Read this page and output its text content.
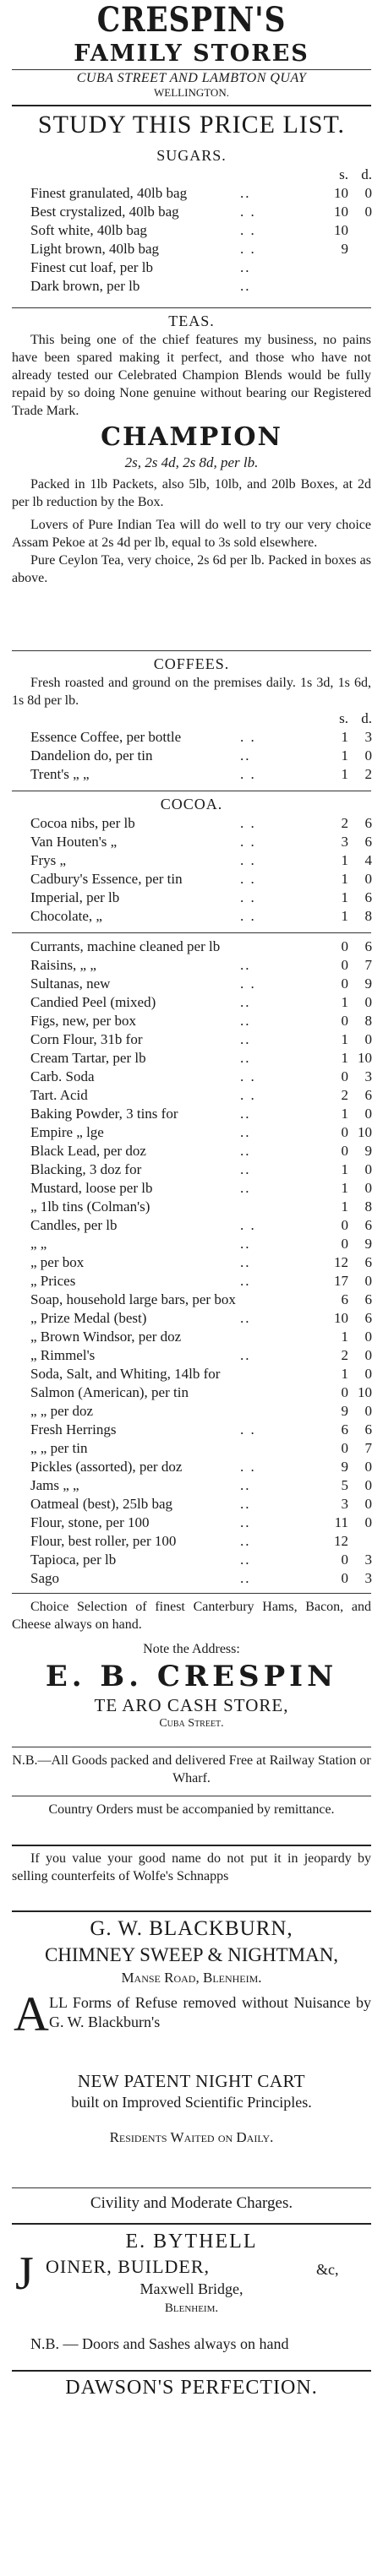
CRESPIN'S
FAMILY STORES
CUBA STREET AND LAMBTON QUAY
WELLINGTON.
STUDY THIS PRICE LIST.
SUGARS.
s. d.
Finest granulated, 40lb bag	..	10	0
Best crystalized, 40lb bag	. .	10	0
Soft white, 40lb bag	. .	10
Light brown, 40lb bag	. .	9
Finest cut loaf, per lb	..
Dark brown, per lb	..
TEAS.
This being one of the chief features my business, no pains have been spared making it perfect, and those who have not already tested our Celebrated Champion Blends would be fully repaid by so doing None genuine without bearing our Registered Trade Mark.
CHAMPION
2s, 2s 4d, 2s 8d, per lb.
Packed in 1lb Packets, also 5lb, 10lb, and 20lb Boxes, at 2d per lb reduction by the Box.
Lovers of Pure Indian Tea will do well to try our very choice Assam Pekoe at 2s 4d per lb, equal to 3s sold elsewhere.
Pure Ceylon Tea, very choice, 2s 6d per lb. Packed in boxes as above.
COFFEES.
Fresh roasted and ground on the premises daily. 1s 3d, 1s 6d, 1s 8d per lb.
s. d.
Essence Coffee, per bottle	. .	1	3
Dandelion do, per tin	..	1	0
Trent's „ „	. .	1	2
COCOA.
Cocoa nibs, per lb	. .	2	6
Van Houten's „	. .	3	6
Frys „	. .	1	4
Cadbury's Essence, per tin	. .	1	0
Imperial, per lb	. .	1	6
Chocolate, „	. .	1	8
Currants, machine cleaned per lb	0	6
Raisins, „ „	..	0	7
Sultanas, new	. .	0	9
Candied Peel (mixed)	..	1	0
Figs, new, per box	..	0	8
Corn Flour, 31b for	..	1	0
Cream Tartar, per lb	..	1 10
Carb. Soda	. .	0	3
Tart. Acid	. .	2	6
Baking Powder, 3 tins for	..	1	0
Empire „ lge	..	0 10
Black Lead, per doz	..	0	9
Blacking, 3 doz for	..	1	0
Mustard, loose per lb	..	1	0
„ 1lb tins (Colman's)	1	8
Candles, per lb	. .	0	6
„ „	..	0	9
„ per box	..	12	6
„ Prices	..	17	0
Soap, household large bars, per box	6	6
„ Prize Medal (best)	..	10	6
„ Brown Windsor, per doz	1	0
„ Rimmel's	..	2	0
Soda, Salt, and Whiting, 14lb for	1	0
Salmon (American), per tin	0 10
„ „ per doz	9	0
Fresh Herrings	. .	6	6
„ „ per tin	0	7
Pickles (assorted), per doz	. .	9	0
Jams „ „	..	5	0
Oatmeal (best), 25lb bag	..	3	0
Flour, stone, per 100	..	11	0
Flour, best roller, per 100	..	12
Tapioca, per lb	..	0	3
Sago	..	0	3
Choice Selection of finest Canterbury Hams, Bacon, and Cheese always on hand.
Note the Address:
E. B. CRESPIN
TE ARO CASH STORE,
Cuba Street.
N.B.—All Goods packed and delivered Free at Railway Station or Wharf.
Country Orders must be accompanied by remittance.
If you value your good name do not put it in jeopardy by selling counterfeits of Wolfe's Schnapps
G. W. BLACKBURN,
CHIMNEY SWEEP & NIGHTMAN,
Manse Road, Blenheim.
A LL Forms of Refuse removed without Nuisance by G. W. Blackburn's
NEW PATENT NIGHT CART
built on Improved Scientific Principles.
Residents Waited on Daily.
Civility and Moderate Charges.
E. BYTHELL
J OINER, BUILDER,	&c,
Maxwell Bridge,
Blenheim.
N.B. — Doors and Sashes always on hand
DAWSON'S PERFECTION.
